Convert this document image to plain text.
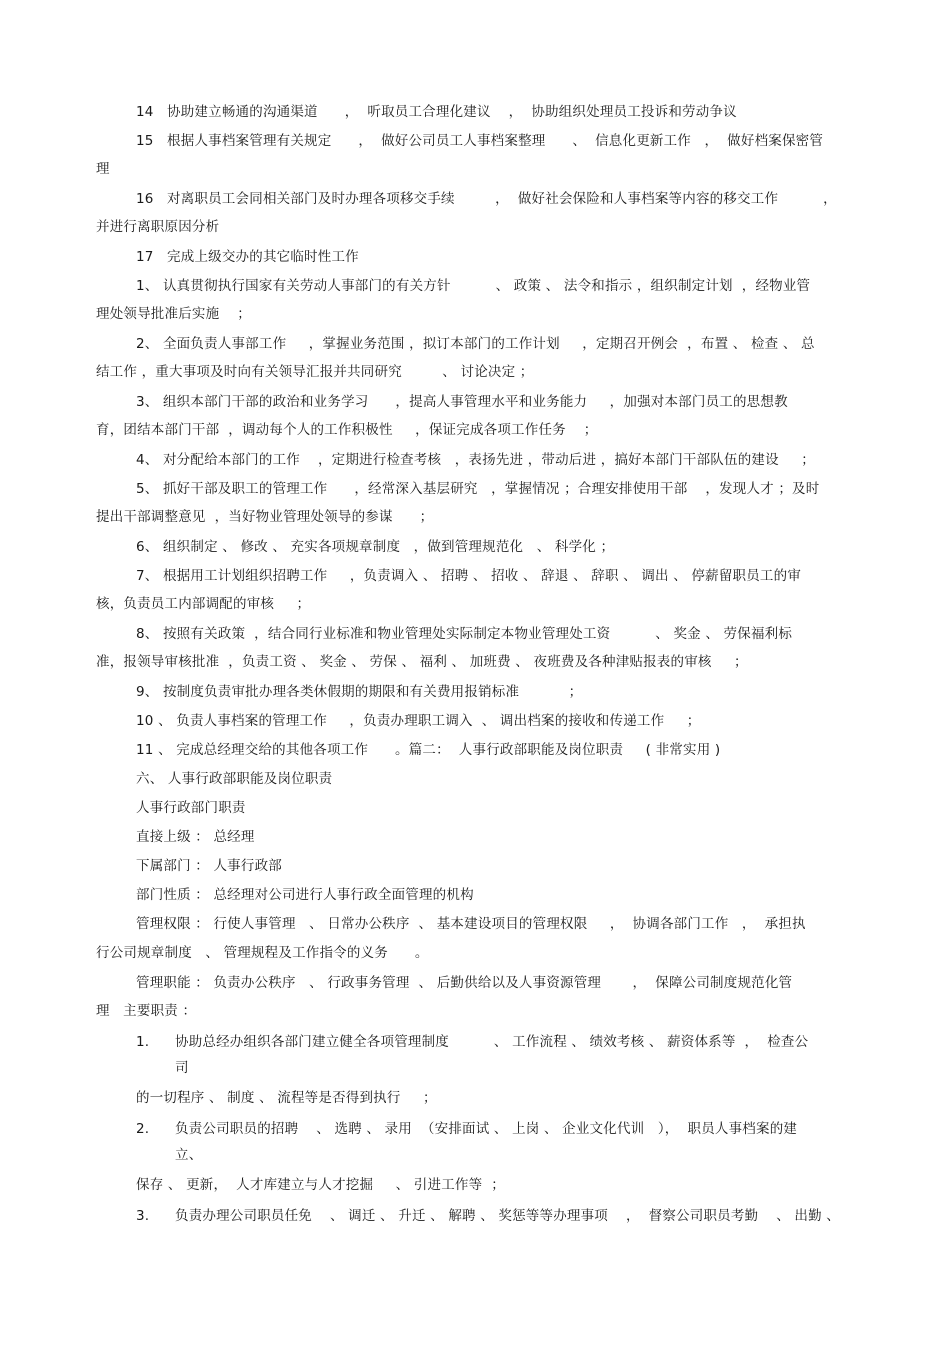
14   协助建立畅通的沟通渠道      ，  听取员工合理化建议    ，  协助组织处理员工投诉和劳动争议
15   根据人事档案管理有关规定      ，  做好公司员工人事档案整理      、  信息化更新工作   ，  做好档案保密管
理
16   对离职员工会同相关部门及时办理各项移交手续         ，  做好社会保险和人事档案等内容的移交工作          ，
并进行离职原因分析
17   完成上级交办的其它临时性工作
1、 认真贯彻执行国家有关劳动人事部门的有关方针          、 政策 、 法令和指示 ，组织制定计划  ，经物业管
理处领导批准后实施    ；
2、 全面负责人事部工作     ，掌握业务范围 ，拟订本部门的工作计划     ，定期召开例会  ，布置 、 检查 、 总
结工作 ，重大事项及时向有关领导汇报并共同研究         、 讨论决定 ；
3、 组织本部门干部的政治和业务学习      ，提高人事管理水平和业务能力     ，加强对本部门员工的思想教
育，团结本部门干部  ，调动每个人的工作积极性     ，保证完成各项工作任务    ；
4、 对分配给本部门的工作    ，定期进行检查考核   ，表扬先进 ，带动后进 ，搞好本部门干部队伍的建设     ；
5、 抓好干部及职工的管理工作      ，经常深入基层研究   ，掌握情况 ；合理安排使用干部    ，发现人才 ；及时
提出干部调整意见  ，当好物业管理处领导的参谋      ；
6、 组织制定 、 修改 、 充实各项规章制度   ，做到管理规范化   、 科学化 ；
7、 根据用工计划组织招聘工作     ，负责调入 、 招聘 、 招收 、 辞退 、 辞职 、 调出 、 停薪留职员工的审
核，负责员工内部调配的审核     ；
8、 按照有关政策  ，结合同行业标准和物业管理处实际制定本物业管理处工资          、 奖金 、 劳保福利标
准，报领导审核批准  ，负责工资 、 奖金 、 劳保 、 福利 、 加班费 、 夜班费及各种津贴报表的审核     ；
9、 按制度负责审批办理各类休假期的期限和有关费用报销标准           ；
10 、 负责人事档案的管理工作     ，负责办理职工调入  、 调出档案的接收和传递工作     ；
11 、 完成总经理交给的其他各项工作      。篇二：  人事行政部职能及岗位职责     ( 非常实用 )
六、 人事行政部职能及岗位职责
人事行政部门职责
直接上级 ： 总经理
下属部门 ： 人事行政部
部门性质 ： 总经理对公司进行人事行政全面管理的机构
管理权限 ： 行使人事管理   、 日常办公秩序  、 基本建设项目的管理权限     ，  协调各部门工作   ，  承担执
行公司规章制度   、 管理规程及工作指令的义务      。
管理职能 ： 负责办公秩序   、 行政事务管理  、 后勤供给以及人事资源管理       ，  保障公司制度规范化管
理   主要职责 ：
1. 协助总经办组织各部门建立健全各项管理制度          、 工作流程 、 绩效考核 、 薪资体系等  ，  检查公
司
的一切程序 、 制度 、 流程等是否得到执行     ；
2. 负责公司职员的招聘    、 选聘 、 录用  （安排面试 、 上岗 、 企业文化代训   ），  职员人事档案的建
立、
保存 、 更新，  人才库建立与人才挖掘     、 引进工作等  ；
3. 负责办理公司职员任免    、 调迁 、 升迁 、 解聘 、 奖惩等等办理事项    ，  督察公司职员考勤    、 出勤 、
